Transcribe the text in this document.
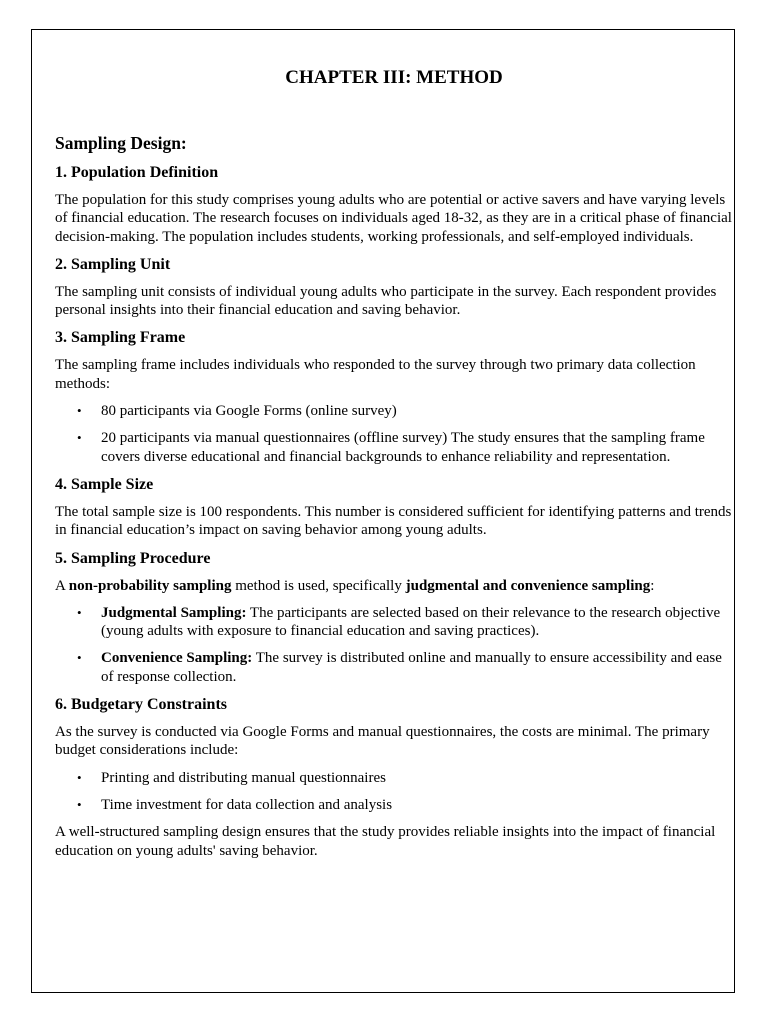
CHAPTER III: METHOD
Sampling Design:
1. Population Definition

The population for this study comprises young adults who are potential or active savers and have varying levels of financial education. The research focuses on individuals aged 18-32, as they are in a critical phase of financial decision-making. The population includes students, working professionals, and self-employed individuals.

2. Sampling Unit

The sampling unit consists of individual young adults who participate in the survey. Each respondent provides personal insights into their financial education and saving behavior.

3. Sampling Frame

The sampling frame includes individuals who responded to the survey through two primary data collection methods:

• 80 participants via Google Forms (online survey)
• 20 participants via manual questionnaires (offline survey) The study ensures that the sampling frame covers diverse educational and financial backgrounds to enhance reliability and representation.
4. Sample Size

The total sample size is 100 respondents. This number is considered sufficient for identifying patterns and trends in financial education’s impact on saving behavior among young adults.

5. Sampling Procedure

A non-probability sampling method is used, specifically judgmental and convenience sampling:

• Judgmental Sampling: The participants are selected based on their relevance to the research objective (young adults with exposure to financial education and saving practices).
• Convenience Sampling: The survey is distributed online and manually to ensure accessibility and ease of response collection.
6. Budgetary Constraints

As the survey is conducted via Google Forms and manual questionnaires, the costs are minimal. The primary budget considerations include:

• Printing and distributing manual questionnaires
• Time investment for data collection and analysis

A well-structured sampling design ensures that the study provides reliable insights into the impact of financial education on young adults' saving behavior.
